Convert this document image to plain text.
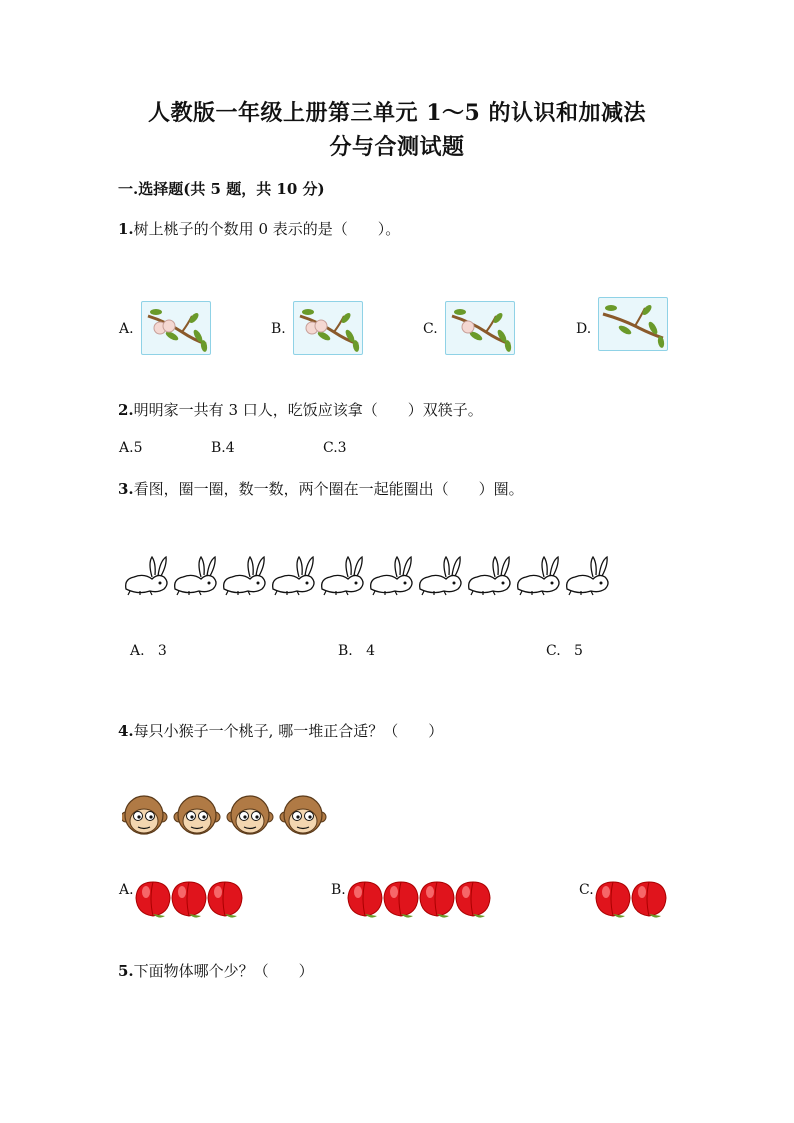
人教版一年级上册第三单元 1～5 的认识和加减法
分与合测试题
一.选择题(共 5 题，共 10 分)
1.树上桃子的个数用 0 表示的是（　　）。
A.	B.	C.	D.
2.明明家一共有 3 口人，吃饭应该拿（　　）双筷子。
A.5	B.4	C.3
3.看图，圈一圈，数一数，两个圈在一起能圈出（　　）圈。
A. 3	B. 4	C. 5
4.每只小猴子一个桃子, 哪一堆正合适？（　　）
A.	B.	C.
5.下面物体哪个少？（　　）
